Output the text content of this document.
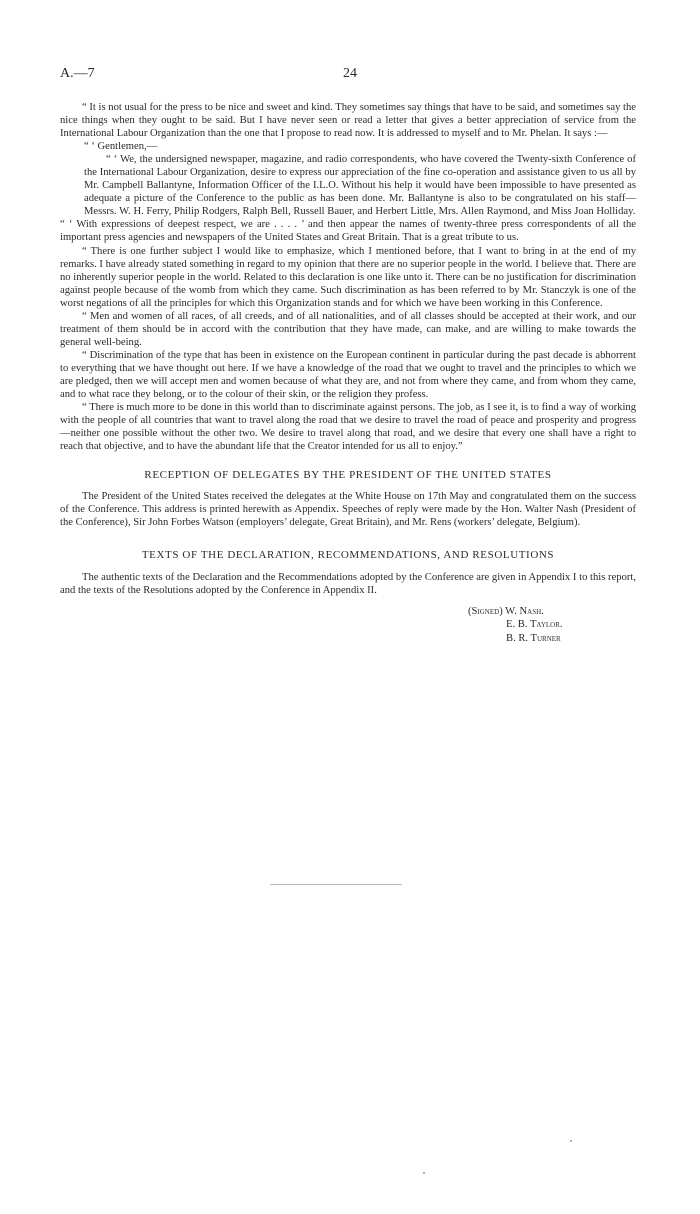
A.—7	24

“ It is not usual for the press to be nice and sweet and kind. They sometimes say things that have to be said, and sometimes say the nice things when they ought to be said. But I have never seen or read a letter that gives a better appreciation of service from the International Labour Organization than the one that I propose to read now. It is addressed to myself and to Mr. Phelan. It says :—

“ ‘ Gentlemen,—

“ ‘ We, the undersigned newspaper, magazine, and radio correspondents, who have covered the Twenty-sixth Conference of the International Labour Organization, desire to express our appreciation of the fine co-operation and assistance given to us all by Mr. Campbell Ballantyne, Information Officer of the I.L.O. Without his help it would have been impossible to have presented as adequate a picture of the Conference to the public as has been done. Mr. Ballantyne is also to be congratulated on his staff—Messrs. W. H. Ferry, Philip Rodgers, Ralph Bell, Russell Bauer, and Herbert Little, Mrs. Allen Raymond, and Miss Joan Holliday.

“ ‘ With expressions of deepest respect, we are . . . . ’ and then appear the names of twenty-three press correspondents of all the important press agencies and newspapers of the United States and Great Britain. That is a great tribute to us.

“ There is one further subject I would like to emphasize, which I mentioned before, that I want to bring in at the end of my remarks. I have already stated something in regard to my opinion that there are no superior people in the world. I believe that. There are no inherently superior people in the world. Related to this declaration is one like unto it. There can be no justification for discrimination against people because of the womb from which they came. Such discrimination as has been referred to by Mr. Stanczyk is one of the worst negations of all the principles for which this Organization stands and for which we have been working in this Conference.

“ Men and women of all races, of all creeds, and of all nationalities, and of all classes should be accepted at their work, and our treatment of them should be in accord with the contribution that they have made, can make, and are willing to make towards the general well-being.

“ Discrimination of the type that has been in existence on the European continent in particular during the past decade is abhorrent to everything that we have thought out here. If we have a knowledge of the road that we ought to travel and the principles to which we are pledged, then we will accept men and women because of what they are, and not from where they came, and from whom they came, and to what race they belong, or to the colour of their skin, or the religion they profess.

“ There is much more to be done in this world than to discriminate against persons. The job, as I see it, is to find a way of working with the people of all countries that want to travel along the road that we desire to travel the road of peace and prosperity and progress—neither one possible without the other two. We desire to travel along that road, and we desire that every one shall have a right to reach that objective, and to have the abundant life that the Creator intended for us all to enjoy.”

RECEPTION OF DELEGATES BY THE PRESIDENT OF THE UNITED STATES

The President of the United States received the delegates at the White House on 17th May and congratulated them on the success of the Conference. This address is printed herewith as Appendix. Speeches of reply were made by the Hon. Walter Nash (President of the Conference), Sir John Forbes Watson (employers’ delegate, Great Britain), and Mr. Rens (workers’ delegate, Belgium).

TEXTS OF THE DECLARATION, RECOMMENDATIONS, AND RESOLUTIONS

The authentic texts of the Declaration and the Recommendations adopted by the Conference are given in Appendix I to this report, and the texts of the Resolutions adopted by the Conference in Appendix II.

(Signed) W. Nash.
E. B. Taylor.
B. R. Turner
